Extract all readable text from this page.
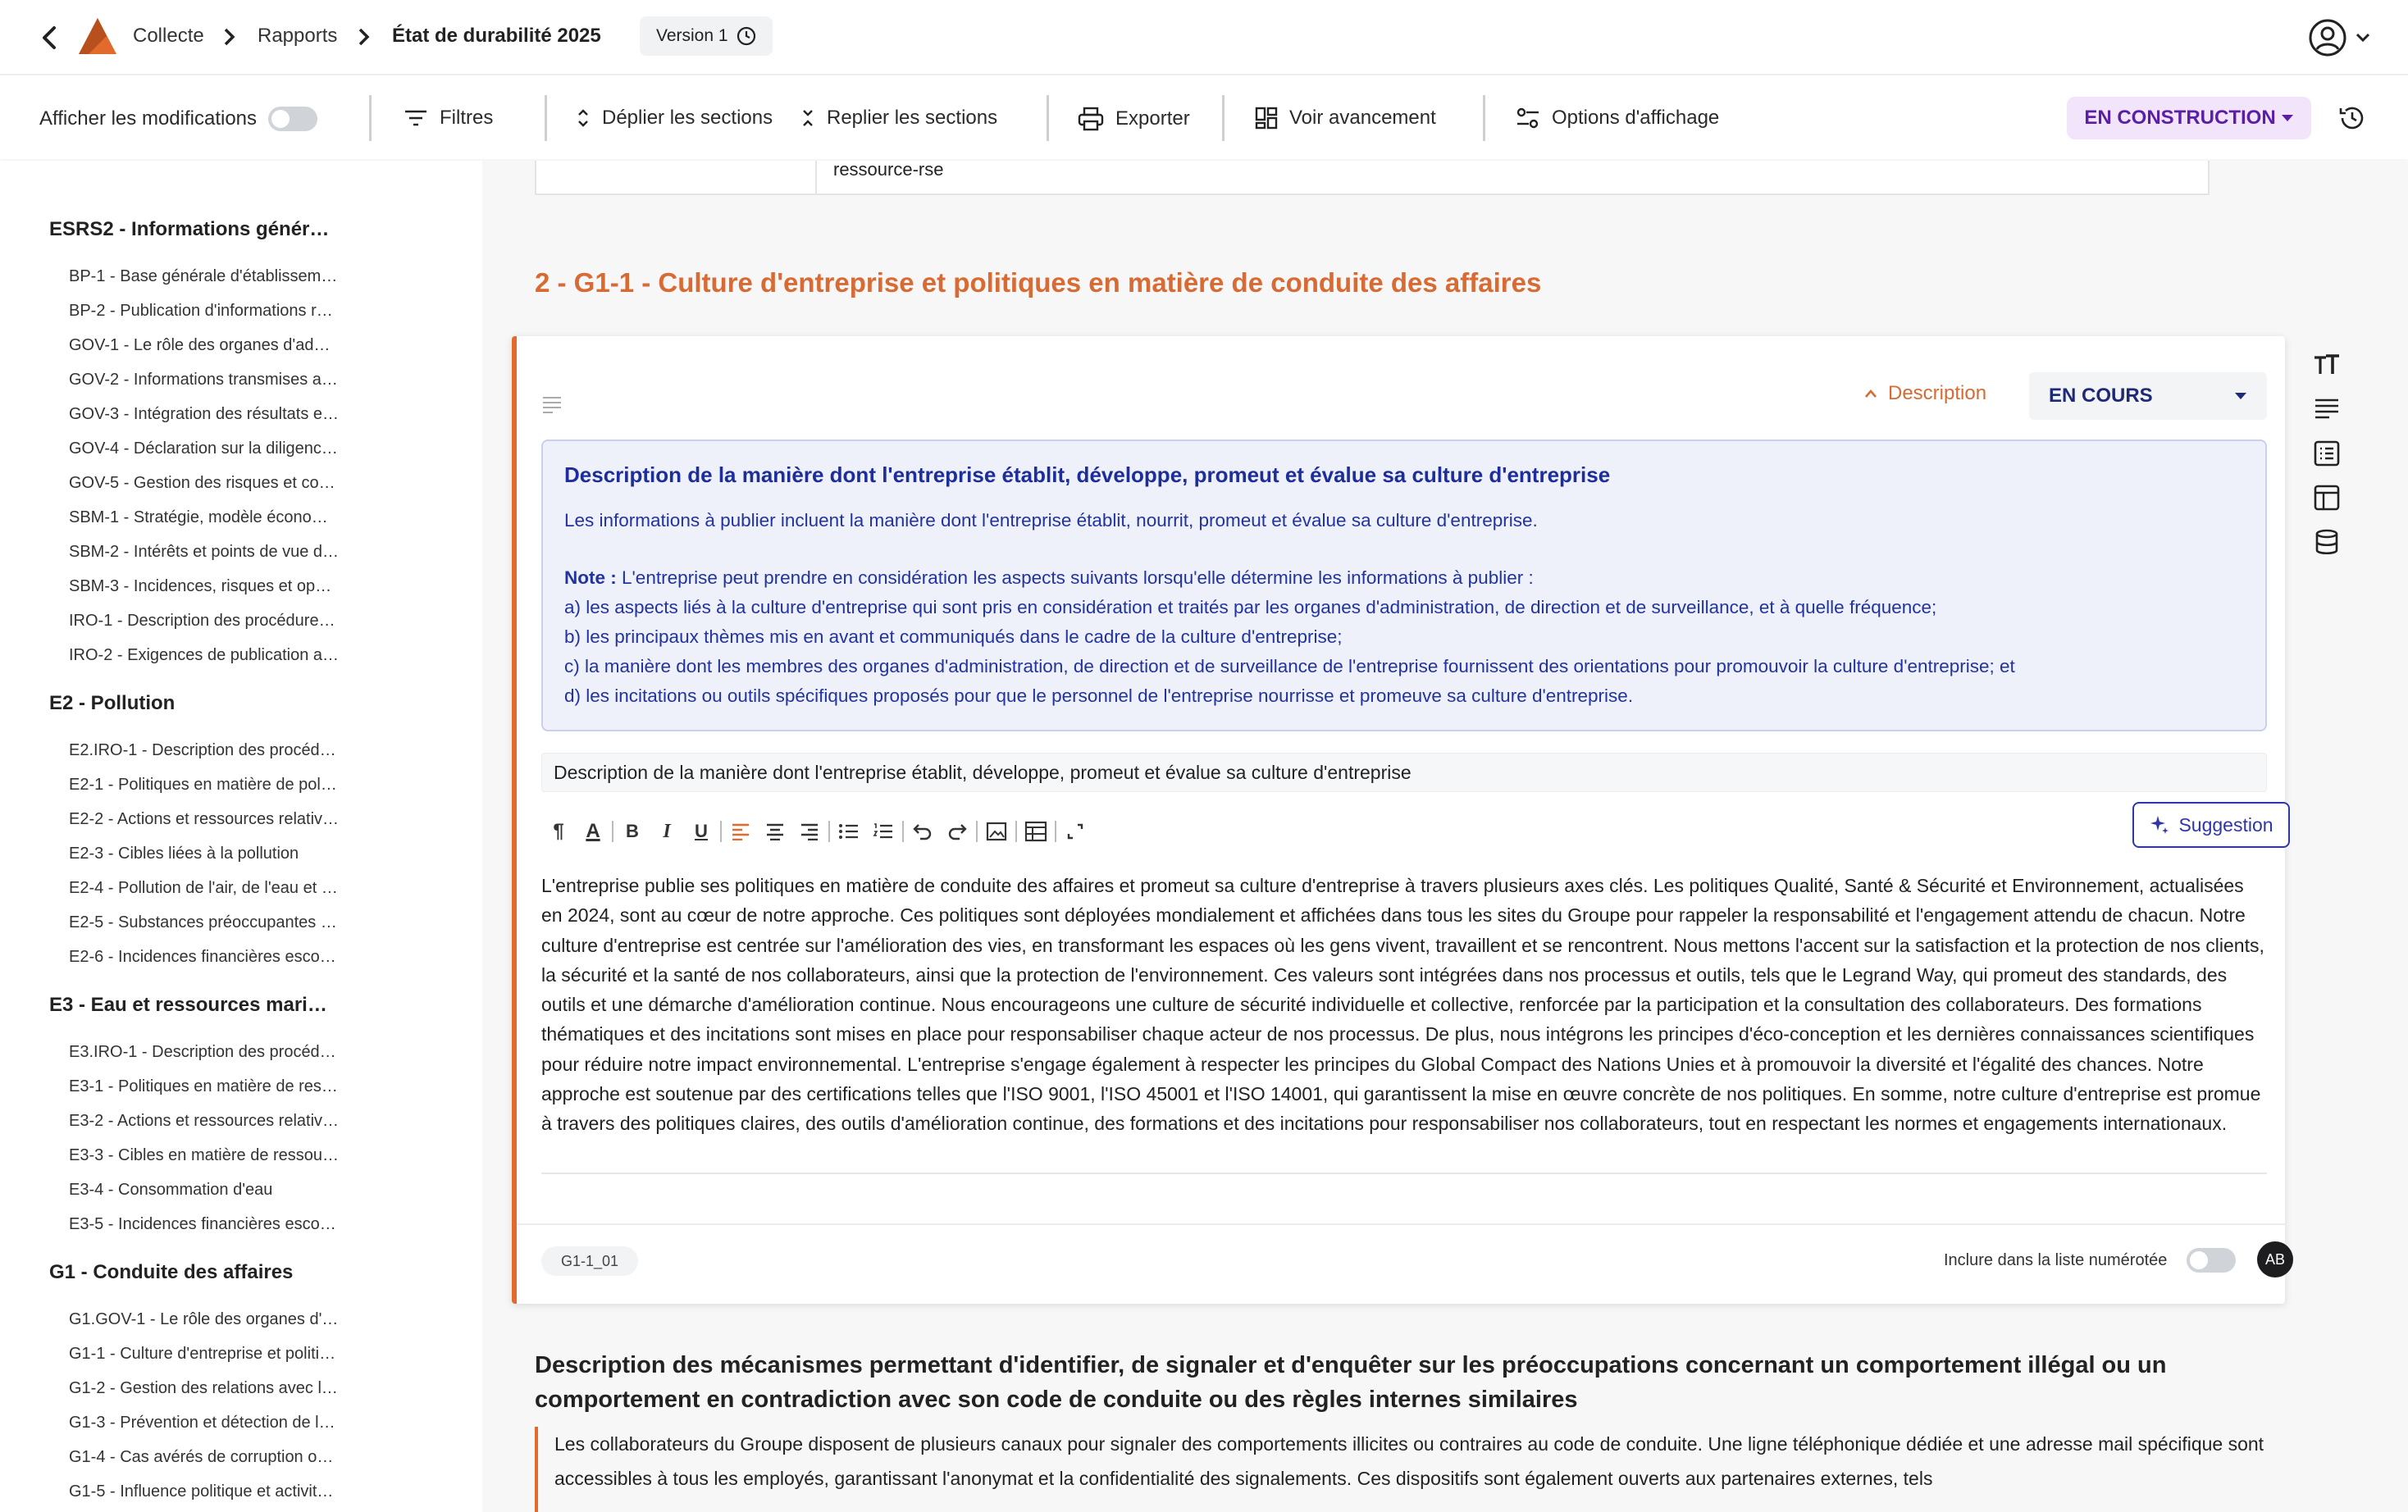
Collecte	Rapports	État de durabilité 2025	Version 1
Afficher les modifications	Filtres	Déplier les sections	Replier les sections	Exporter	Voir avancement	Options d'affichage	EN CONSTRUCTION
ESRS2 - Informations génér…
BP-1 - Base générale d'établissem…
BP-2 - Publication d'informations r…
GOV-1 - Le rôle des organes d'ad…
GOV-2 - Informations transmises a…
GOV-3 - Intégration des résultats e…
GOV-4 - Déclaration sur la diligenc…
GOV-5 - Gestion des risques et co…
SBM-1 - Stratégie, modèle écono…
SBM-2 - Intérêts et points de vue d…
SBM-3 - Incidences, risques et op…
IRO-1 - Description des procédure…
IRO-2 - Exigences de publication a…
E2 - Pollution
E2.IRO-1 - Description des procéd…
E2-1 - Politiques en matière de pol…
E2-2 - Actions et ressources relativ…
E2-3 - Cibles liées à la pollution
E2-4 - Pollution de l'air, de l'eau et …
E2-5 - Substances préoccupantes …
E2-6 - Incidences financières esco…
E3 - Eau et ressources mari…
E3.IRO-1 - Description des procéd…
E3-1 - Politiques en matière de res…
E3-2 - Actions et ressources relativ…
E3-3 - Cibles en matière de ressou…
E3-4 - Consommation d'eau
E3-5 - Incidences financières esco…
G1 - Conduite des affaires
G1.GOV-1 - Le rôle des organes d'…
G1-1 - Culture d'entreprise et politi…
G1-2 - Gestion des relations avec l…
G1-3 - Prévention et détection de l…
G1-4 - Cas avérés de corruption o…
G1-5 - Influence politique et activit…
ressource-rse
2 - G1-1 - Culture d'entreprise et politiques en matière de conduite des affaires
Description	EN COURS
Description de la manière dont l'entreprise établit, développe, promeut et évalue sa culture d'entreprise
Les informations à publier incluent la manière dont l'entreprise établit, nourrit, promeut et évalue sa culture d'entreprise.
Note : L'entreprise peut prendre en considération les aspects suivants lorsqu'elle détermine les informations à publier :
a) les aspects liés à la culture d'entreprise qui sont pris en considération et traités par les organes d'administration, de direction et de surveillance, et à quelle fréquence;
b) les principaux thèmes mis en avant et communiqués dans le cadre de la culture d'entreprise;
c) la manière dont les membres des organes d'administration, de direction et de surveillance de l'entreprise fournissent des orientations pour promouvoir la culture d'entreprise; et
d) les incitations ou outils spécifiques proposés pour que le personnel de l'entreprise nourrisse et promeuve sa culture d'entreprise.
Description de la manière dont l'entreprise établit, développe, promeut et évalue sa culture d'entreprise
¶	A	B	I	U	Suggestion
L'entreprise publie ses politiques en matière de conduite des affaires et promeut sa culture d'entreprise à travers plusieurs axes clés. Les politiques Qualité, Santé & Sécurité et Environnement, actualisées en 2024, sont au cœur de notre approche. Ces politiques sont déployées mondialement et affichées dans tous les sites du Groupe pour rappeler la responsabilité et l'engagement attendu de chacun. Notre culture d'entreprise est centrée sur l'amélioration des vies, en transformant les espaces où les gens vivent, travaillent et se rencontrent. Nous mettons l'accent sur la satisfaction et la protection de nos clients, la sécurité et la santé de nos collaborateurs, ainsi que la protection de l'environnement. Ces valeurs sont intégrées dans nos processus et outils, tels que le Legrand Way, qui promeut des standards, des outils et une démarche d'amélioration continue. Nous encourageons une culture de sécurité individuelle et collective, renforcée par la participation et la consultation des collaborateurs. Des formations thématiques et des incitations sont mises en place pour responsabiliser chaque acteur de nos processus. De plus, nous intégrons les principes d'éco-conception et les dernières connaissances scientifiques pour réduire notre impact environnemental. L'entreprise s'engage également à respecter les principes du Global Compact des Nations Unies et à promouvoir la diversité et l'égalité des chances. Notre approche est soutenue par des certifications telles que l'ISO 9001, l'ISO 45001 et l'ISO 14001, qui garantissent la mise en œuvre concrète de nos politiques. En somme, notre culture d'entreprise est promue à travers des politiques claires, des outils d'amélioration continue, des formations et des incitations pour responsabiliser nos collaborateurs, tout en respectant les normes et engagements internationaux.
G1-1_01	Inclure dans la liste numérotée	AB
Description des mécanismes permettant d'identifier, de signaler et d'enquêter sur les préoccupations concernant un comportement illégal ou un comportement en contradiction avec son code de conduite ou des règles internes similaires
Les collaborateurs du Groupe disposent de plusieurs canaux pour signaler des comportements illicites ou contraires au code de conduite. Une ligne téléphonique dédiée et une adresse mail spécifique sont accessibles à tous les employés, garantissant l'anonymat et la confidentialité des signalements. Ces dispositifs sont également ouverts aux partenaires externes, tels
